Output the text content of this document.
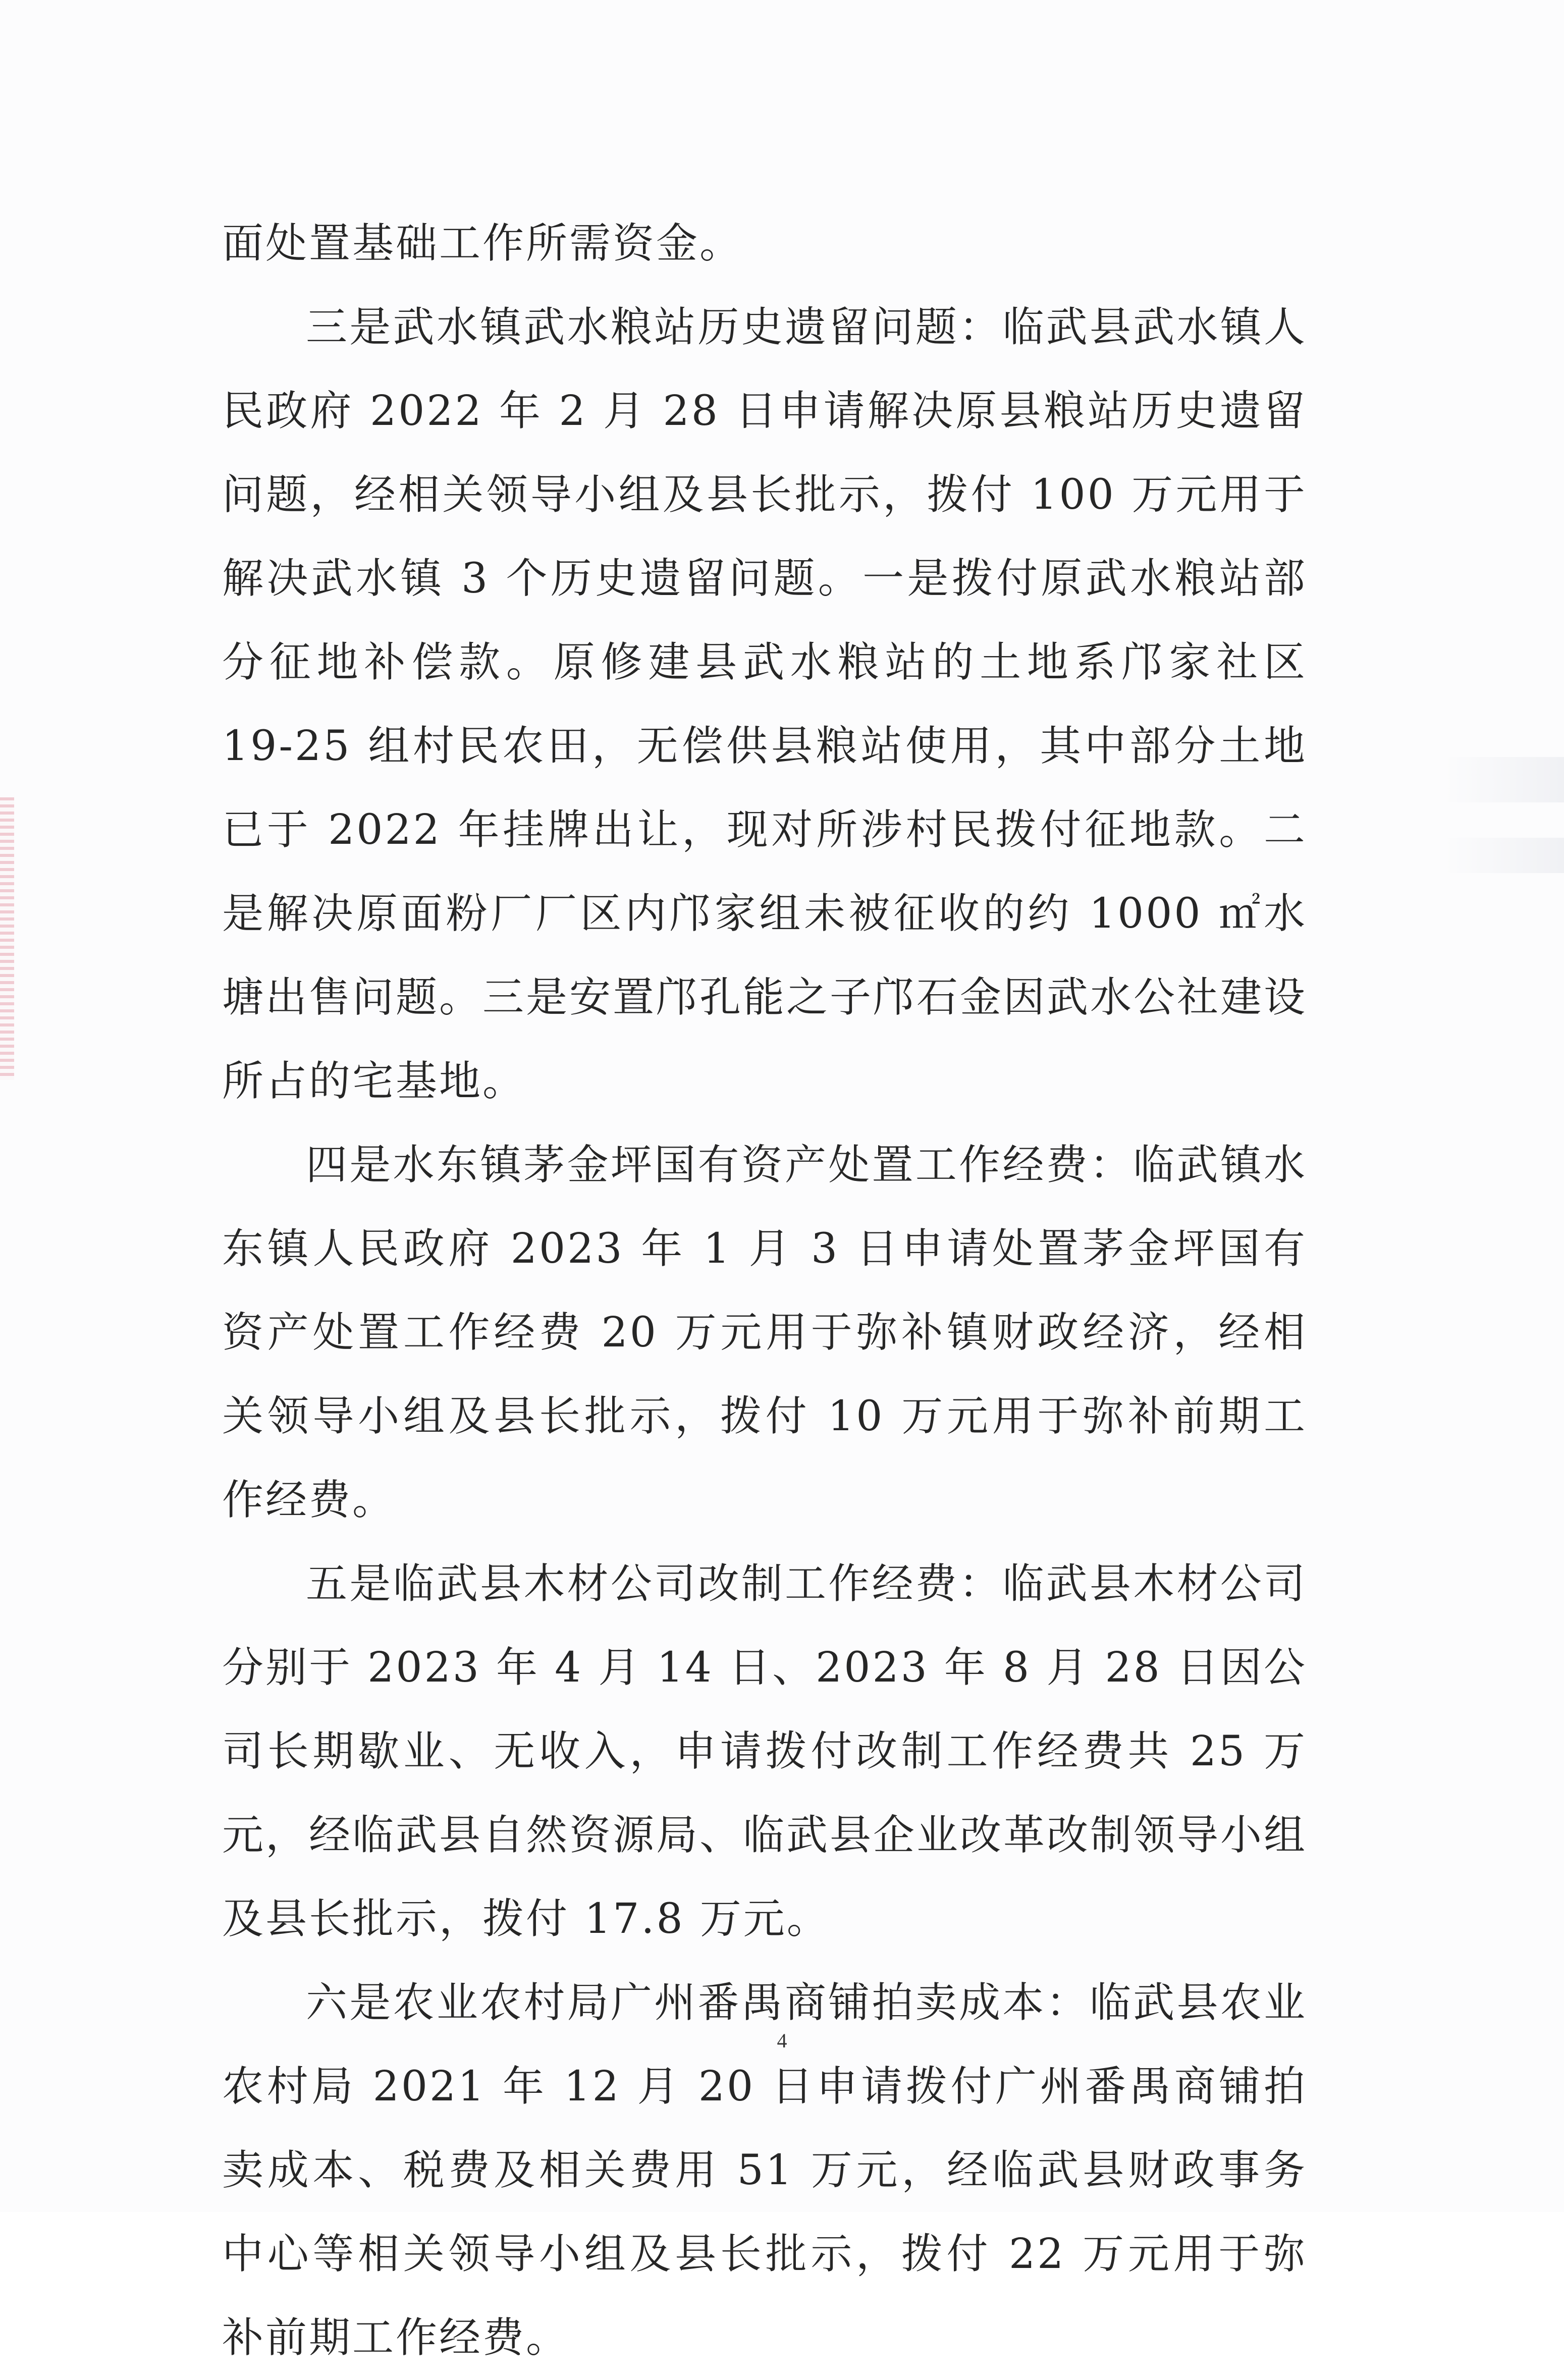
面处置基础工作所需资金。

三是武水镇武水粮站历史遗留问题：临武县武水镇人民政府 2022 年 2 月 28 日申请解决原县粮站历史遗留问题，经相关领导小组及县长批示，拨付 100 万元用于解决武水镇 3 个历史遗留问题。一是拨付原武水粮站部分征地补偿款。原修建县武水粮站的土地系邝家社区 19-25 组村民农田，无偿供县粮站使用，其中部分土地已于 2022 年挂牌出让，现对所涉村民拨付征地款。二是解决原面粉厂厂区内邝家组未被征收的约 1000 ㎡水塘出售问题。三是安置邝孔能之子邝石金因武水公社建设所占的宅基地。

四是水东镇茅金坪国有资产处置工作经费：临武镇水东镇人民政府 2023 年 1 月 3 日申请处置茅金坪国有资产处置工作经费 20 万元用于弥补镇财政经济，经相关领导小组及县长批示，拨付 10 万元用于弥补前期工作经费。

五是临武县木材公司改制工作经费：临武县木材公司分别于 2023 年 4 月 14 日、2023 年 8 月 28 日因公司长期歇业、无收入，申请拨付改制工作经费共 25 万元，经临武县自然资源局、临武县企业改革改制领导小组及县长批示，拨付 17.8 万元。

六是农业农村局广州番禺商铺拍卖成本：临武县农业农村局 2021 年 12 月 20 日申请拨付广州番禺商铺拍卖成本、税费及相关费用 51 万元，经临武县财政事务中心等相关领导小组及县长批示，拨付 22 万元用于弥补前期工作经费。

4
